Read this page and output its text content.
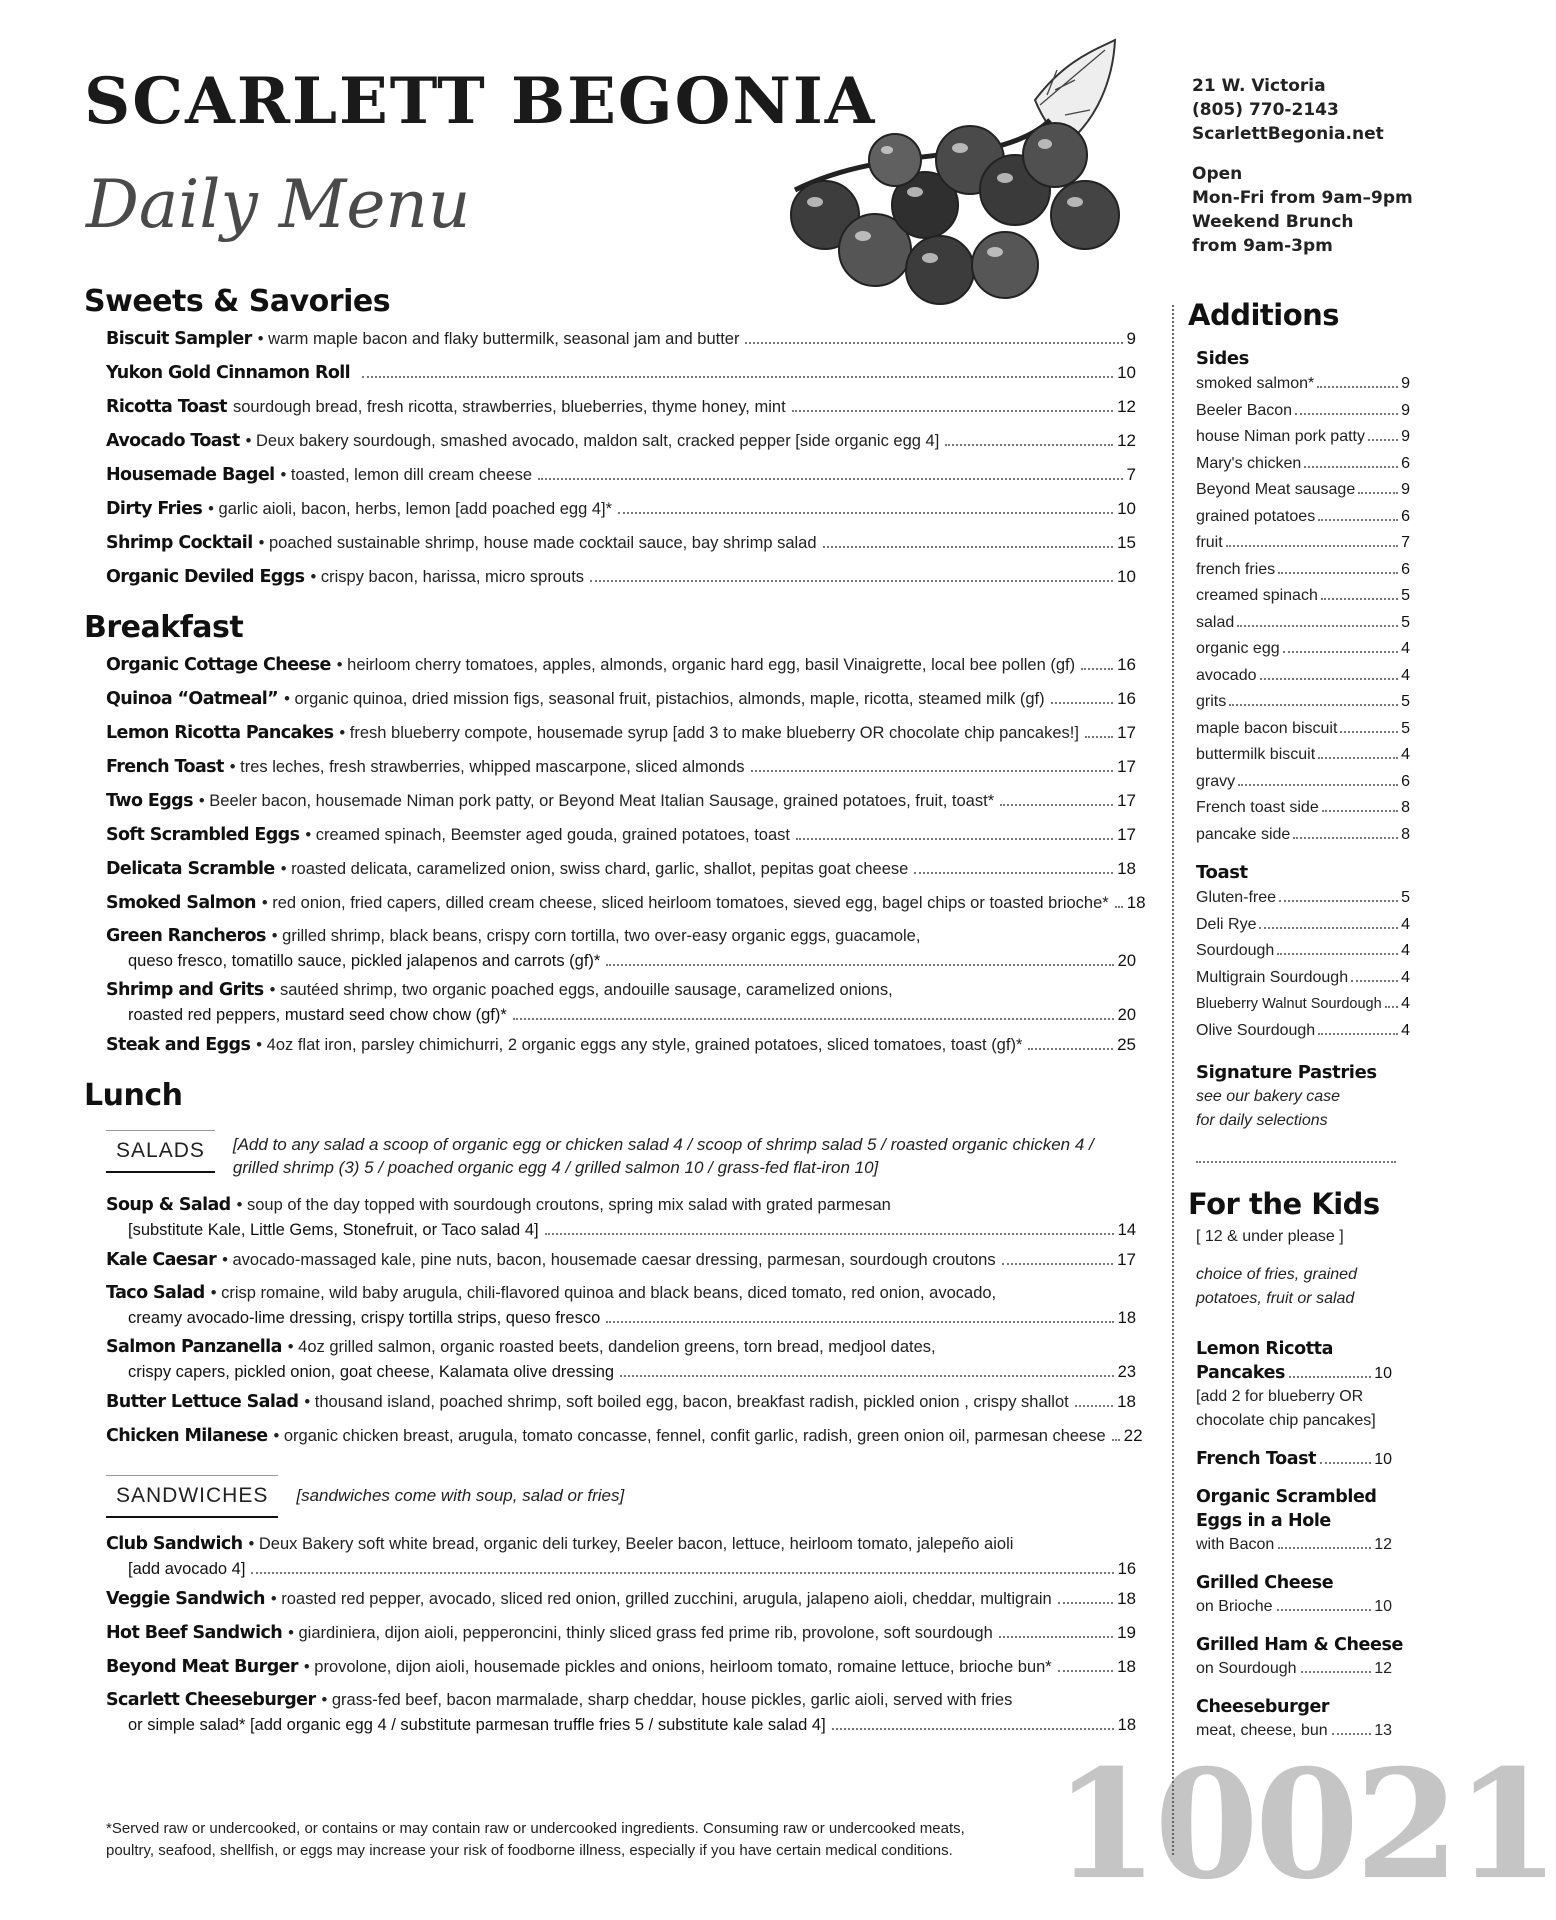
SCARLETT BEGONIA
Daily Menu
21 W. Victoria
(805) 770-2143
ScarlettBegonia.net
Open
Mon-Fri from 9am–9pm
Weekend Brunch
from 9am-3pm
Sweets & Savories
Biscuit Sampler • warm maple bacon and flaky buttermilk, seasonal jam and butter	9
Yukon Gold Cinnamon Roll	10
Ricotta Toast sourdough bread, fresh ricotta, strawberries, blueberries, thyme honey, mint	12
Avocado Toast • Deux bakery sourdough, smashed avocado, maldon salt, cracked pepper [side organic egg 4]	12
Housemade Bagel • toasted, lemon dill cream cheese	7
Dirty Fries • garlic aioli, bacon, herbs, lemon [add poached egg 4]*	10
Shrimp Cocktail • poached sustainable shrimp, house made cocktail sauce, bay shrimp salad	15
Organic Deviled Eggs • crispy bacon, harissa, micro sprouts	10
Breakfast
Organic Cottage Cheese • heirloom cherry tomatoes, apples, almonds, organic hard egg, basil Vinaigrette, local bee pollen (gf) 16
Quinoa “Oatmeal” • organic quinoa, dried mission figs, seasonal fruit, pistachios, almonds, maple, ricotta, steamed milk (gf)	16
Lemon Ricotta Pancakes • fresh blueberry compote, housemade syrup [add 3 to make blueberry OR chocolate chip pancakes!] 17
French Toast • tres leches, fresh strawberries, whipped mascarpone, sliced almonds	17
Two Eggs • Beeler bacon, housemade Niman pork patty, or Beyond Meat Italian Sausage, grained potatoes, fruit, toast*	17
Soft Scrambled Eggs • creamed spinach, Beemster aged gouda, grained potatoes, toast	17
Delicata Scramble • roasted delicata, caramelized onion, swiss chard, garlic, shallot, pepitas goat cheese	18
Smoked Salmon • red onion, fried capers, dilled cream cheese, sliced heirloom tomatoes, sieved egg, bagel chips or toasted brioche* 18
Green Rancheros • grilled shrimp, black beans, crispy corn tortilla, two over-easy organic eggs, guacamole,
queso fresco, tomatillo sauce, pickled jalapenos and carrots (gf)*	20
Shrimp and Grits • sautéed shrimp, two organic poached eggs, andouille sausage, caramelized onions,
roasted red peppers, mustard seed chow chow (gf)*	20
Steak and Eggs • 4oz flat iron, parsley chimichurri, 2 organic eggs any style, grained potatoes, sliced tomatoes, toast (gf)*	25
Lunch
SALADS	[Add to any salad a scoop of organic egg or chicken salad 4 / scoop of shrimp salad 5 / roasted organic chicken 4 /
grilled shrimp (3) 5 / poached organic egg 4 / grilled salmon 10 / grass-fed flat-iron 10]
Soup & Salad • soup of the day topped with sourdough croutons, spring mix salad with grated parmesan
[substitute Kale, Little Gems, Stonefruit, or Taco salad 4]	14
Kale Caesar • avocado-massaged kale, pine nuts, bacon, housemade caesar dressing, parmesan, sourdough croutons	17
Taco Salad • crisp romaine, wild baby arugula, chili-flavored quinoa and black beans, diced tomato, red onion, avocado,
creamy avocado-lime dressing, crispy tortilla strips, queso fresco	18
Salmon Panzanella • 4oz grilled salmon, organic roasted beets, dandelion greens, torn bread, medjool dates,
crispy capers, pickled onion, goat cheese, Kalamata olive dressing	23
Butter Lettuce Salad • thousand island, poached shrimp, soft boiled egg, bacon, breakfast radish, pickled onion , crispy shallot	18
Chicken Milanese • organic chicken breast, arugula, tomato concasse, fennel, confit garlic, radish, green onion oil, parmesan cheese 22
SANDWICHES	[sandwiches come with soup, salad or fries]
Club Sandwich • Deux Bakery soft white bread, organic deli turkey, Beeler bacon, lettuce, heirloom tomato, jalepeño aioli
[add avocado 4]	16
Veggie Sandwich • roasted red pepper, avocado, sliced red onion, grilled zucchini, arugula, jalapeno aioli, cheddar, multigrain	18
Hot Beef Sandwich • giardiniera, dijon aioli, pepperoncini, thinly sliced grass fed prime rib, provolone, soft sourdough	19
Beyond Meat Burger • provolone, dijon aioli, housemade pickles and onions, heirloom tomato, romaine lettuce, brioche bun*	18
Scarlett Cheeseburger • grass-fed beef, bacon marmalade, sharp cheddar, house pickles, garlic aioli, served with fries
or simple salad* [add organic egg 4 / substitute parmesan truffle fries 5 / substitute kale salad 4]	18
*Served raw or undercooked, or contains or may contain raw or undercooked ingredients. Consuming raw or undercooked meats,
poultry, seafood, shellfish, or eggs may increase your risk of foodborne illness, especially if you have certain medical conditions. 10021
Additions
Sides
smoked salmon*	9
Beeler Bacon	9
house Niman pork patty 9
Mary's chicken	6
Beyond Meat sausage	9
grained potatoes	6
fruit	7
french fries	6
creamed spinach	5
salad	5
organic egg	4
avocado	4
grits	5
maple bacon biscuit	5
buttermilk biscuit	4
gravy	6
French toast side	8
pancake side	8
Toast
Gluten-free	5
Deli Rye	4
Sourdough	4
Multigrain Sourdough	4
Blueberry Walnut Sourdough 4
Olive Sourdough	4
Signature Pastries
see our bakery case
for daily selections
For the Kids
[ 12 & under please ]
choice of fries, grained
potatoes, fruit or salad
Lemon Ricotta
Pancakes	10
[add 2 for blueberry OR
chocolate chip pancakes]
French Toast	10
Organic Scrambled
Eggs in a Hole
with Bacon	12
Grilled Cheese
on Brioche	10
Grilled Ham & Cheese
on Sourdough	12
Cheeseburger
meat, cheese, bun	13
